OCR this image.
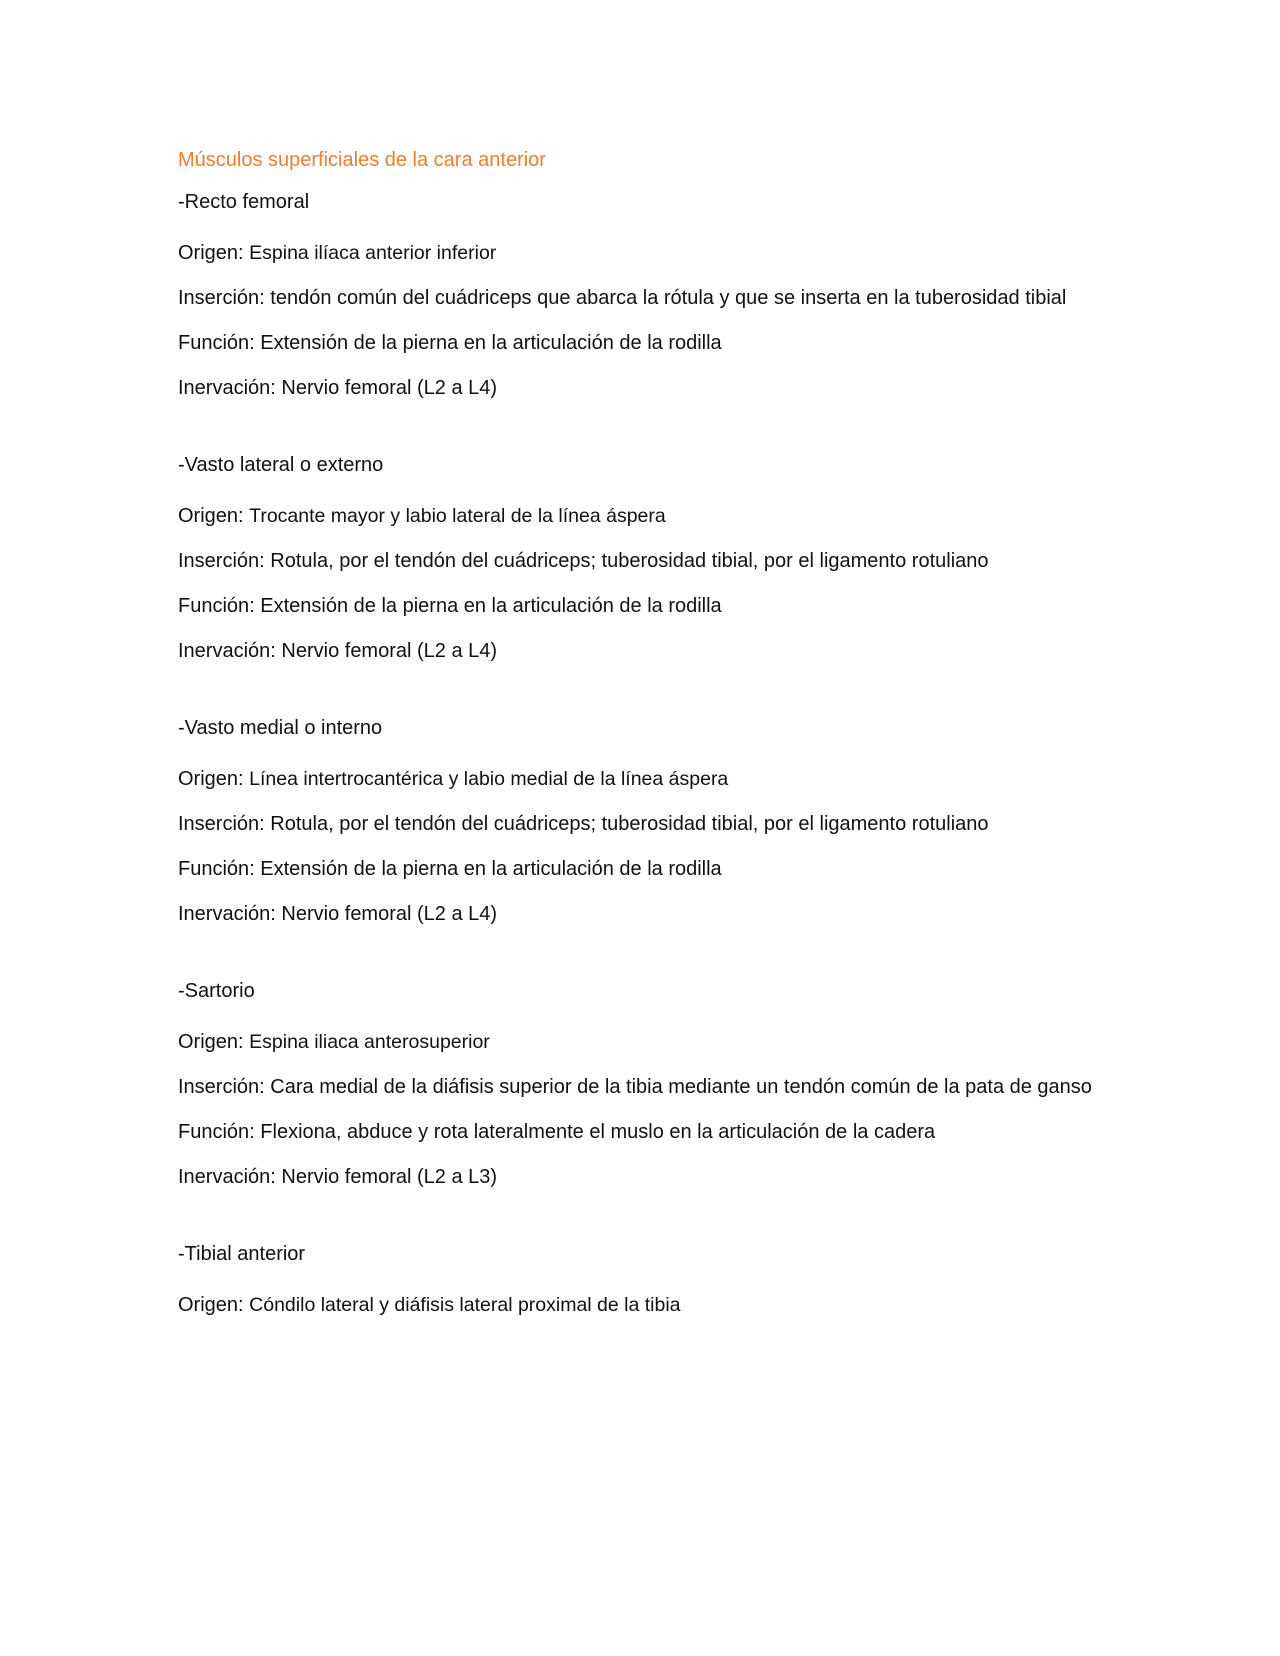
Músculos superficiales de la cara anterior
-Recto femoral
Origen: Espina ilíaca anterior inferior
Inserción: tendón común del cuádriceps que abarca la rótula y que se inserta en la tuberosidad tibial
Función: Extensión de la pierna en la articulación de la rodilla
Inervación: Nervio femoral (L2 a L4)
-Vasto lateral o externo
Origen: Trocante mayor y labio lateral de la línea áspera
Inserción: Rotula, por el tendón del cuádriceps; tuberosidad tibial, por el ligamento rotuliano
Función: Extensión de la pierna en la articulación de la rodilla
Inervación: Nervio femoral (L2 a L4)
-Vasto medial o interno
Origen: Línea intertrocantérica y labio medial de la línea áspera
Inserción: Rotula, por el tendón del cuádriceps; tuberosidad tibial, por el ligamento rotuliano
Función: Extensión de la pierna en la articulación de la rodilla
Inervación: Nervio femoral (L2 a L4)
-Sartorio
Origen: Espina iliaca anterosuperior
Inserción: Cara medial de la diáfisis superior de la tibia mediante un tendón común de la pata de ganso
Función: Flexiona, abduce y rota lateralmente el muslo en la articulación de la cadera
Inervación: Nervio femoral (L2 a L3)
-Tibial anterior
Origen: Cóndilo lateral y diáfisis lateral proximal de la tibia
